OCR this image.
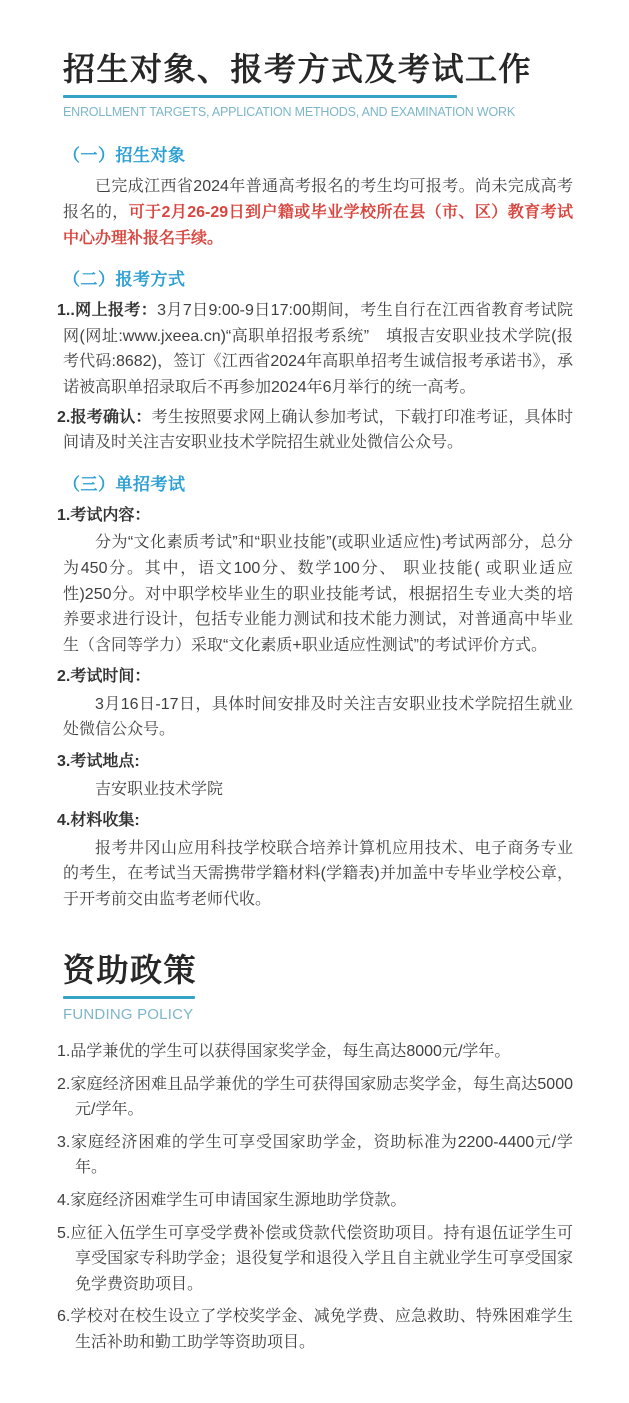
招生对象、报考方式及考试工作
ENROLLMENT TARGETS, APPLICATION METHODS, AND EXAMINATION WORK
（一）招生对象

已完成江西省2024年普通高考报名的考生均可报考。尚未完成高考报名的，可于2月26-29日到户籍或毕业学校所在县（市、区）教育考试中心办理补报名手续。

（二）报考方式

1..网上报考：3月7日9:00-9日17:00期间，考生自行在江西省教育考试院网(网址:www.jxeea.cn)“高职单招报考系统”　填报吉安职业技术学院(报考代码:8682)，签订《江西省2024年高职单招考生诚信报考承诺书》，承诺被高职单招录取后不再参加2024年6月举行的统一高考。

2.报考确认：考生按照要求网上确认参加考试，下载打印准考证，具体时间请及时关注吉安职业技术学院招生就业处微信公众号。

（三）单招考试
1.考试内容：

分为“文化素质考试”和“职业技能”(或职业适应性)考试两部分，总分为450分。其中，语文100分、数学100分、 职业技能( 或职业适应性)250分。对中职学校毕业生的职业技能考试，根据招生专业大类的培养要求进行设计，包括专业能力测试和技术能力测试，对普通高中毕业生（含同等学力）采取“文化素质+职业适应性测试”的考试评价方式。

2.考试时间：

3月16日-17日，具体时间安排及时关注吉安职业技术学院招生就业处微信公众号。

3.考试地点:

吉安职业技术学院

4.材料收集:

报考井冈山应用科技学校联合培养计算机应用技术、电子商务专业的考生，在考试当天需携带学籍材料(学籍表)并加盖中专毕业学校公章，于开考前交由监考老师代收。

资助政策
FUNDING POLICY
1.品学兼优的学生可以获得国家奖学金，每生高达8000元/学年。
2.家庭经济困难且品学兼优的学生可获得国家励志奖学金，每生高达5000元/学年。
3.家庭经济困难的学生可享受国家助学金，资助标准为2200-4400元/学年。
4.家庭经济困难学生可申请国家生源地助学贷款。
5.应征入伍学生可享受学费补偿或贷款代偿资助项目。持有退伍证学生可享受国家专科助学金；退役复学和退役入学且自主就业学生可享受国家免学费资助项目。
6.学校对在校生设立了学校奖学金、减免学费、应急救助、特殊困难学生生活补助和勤工助学等资助项目。
